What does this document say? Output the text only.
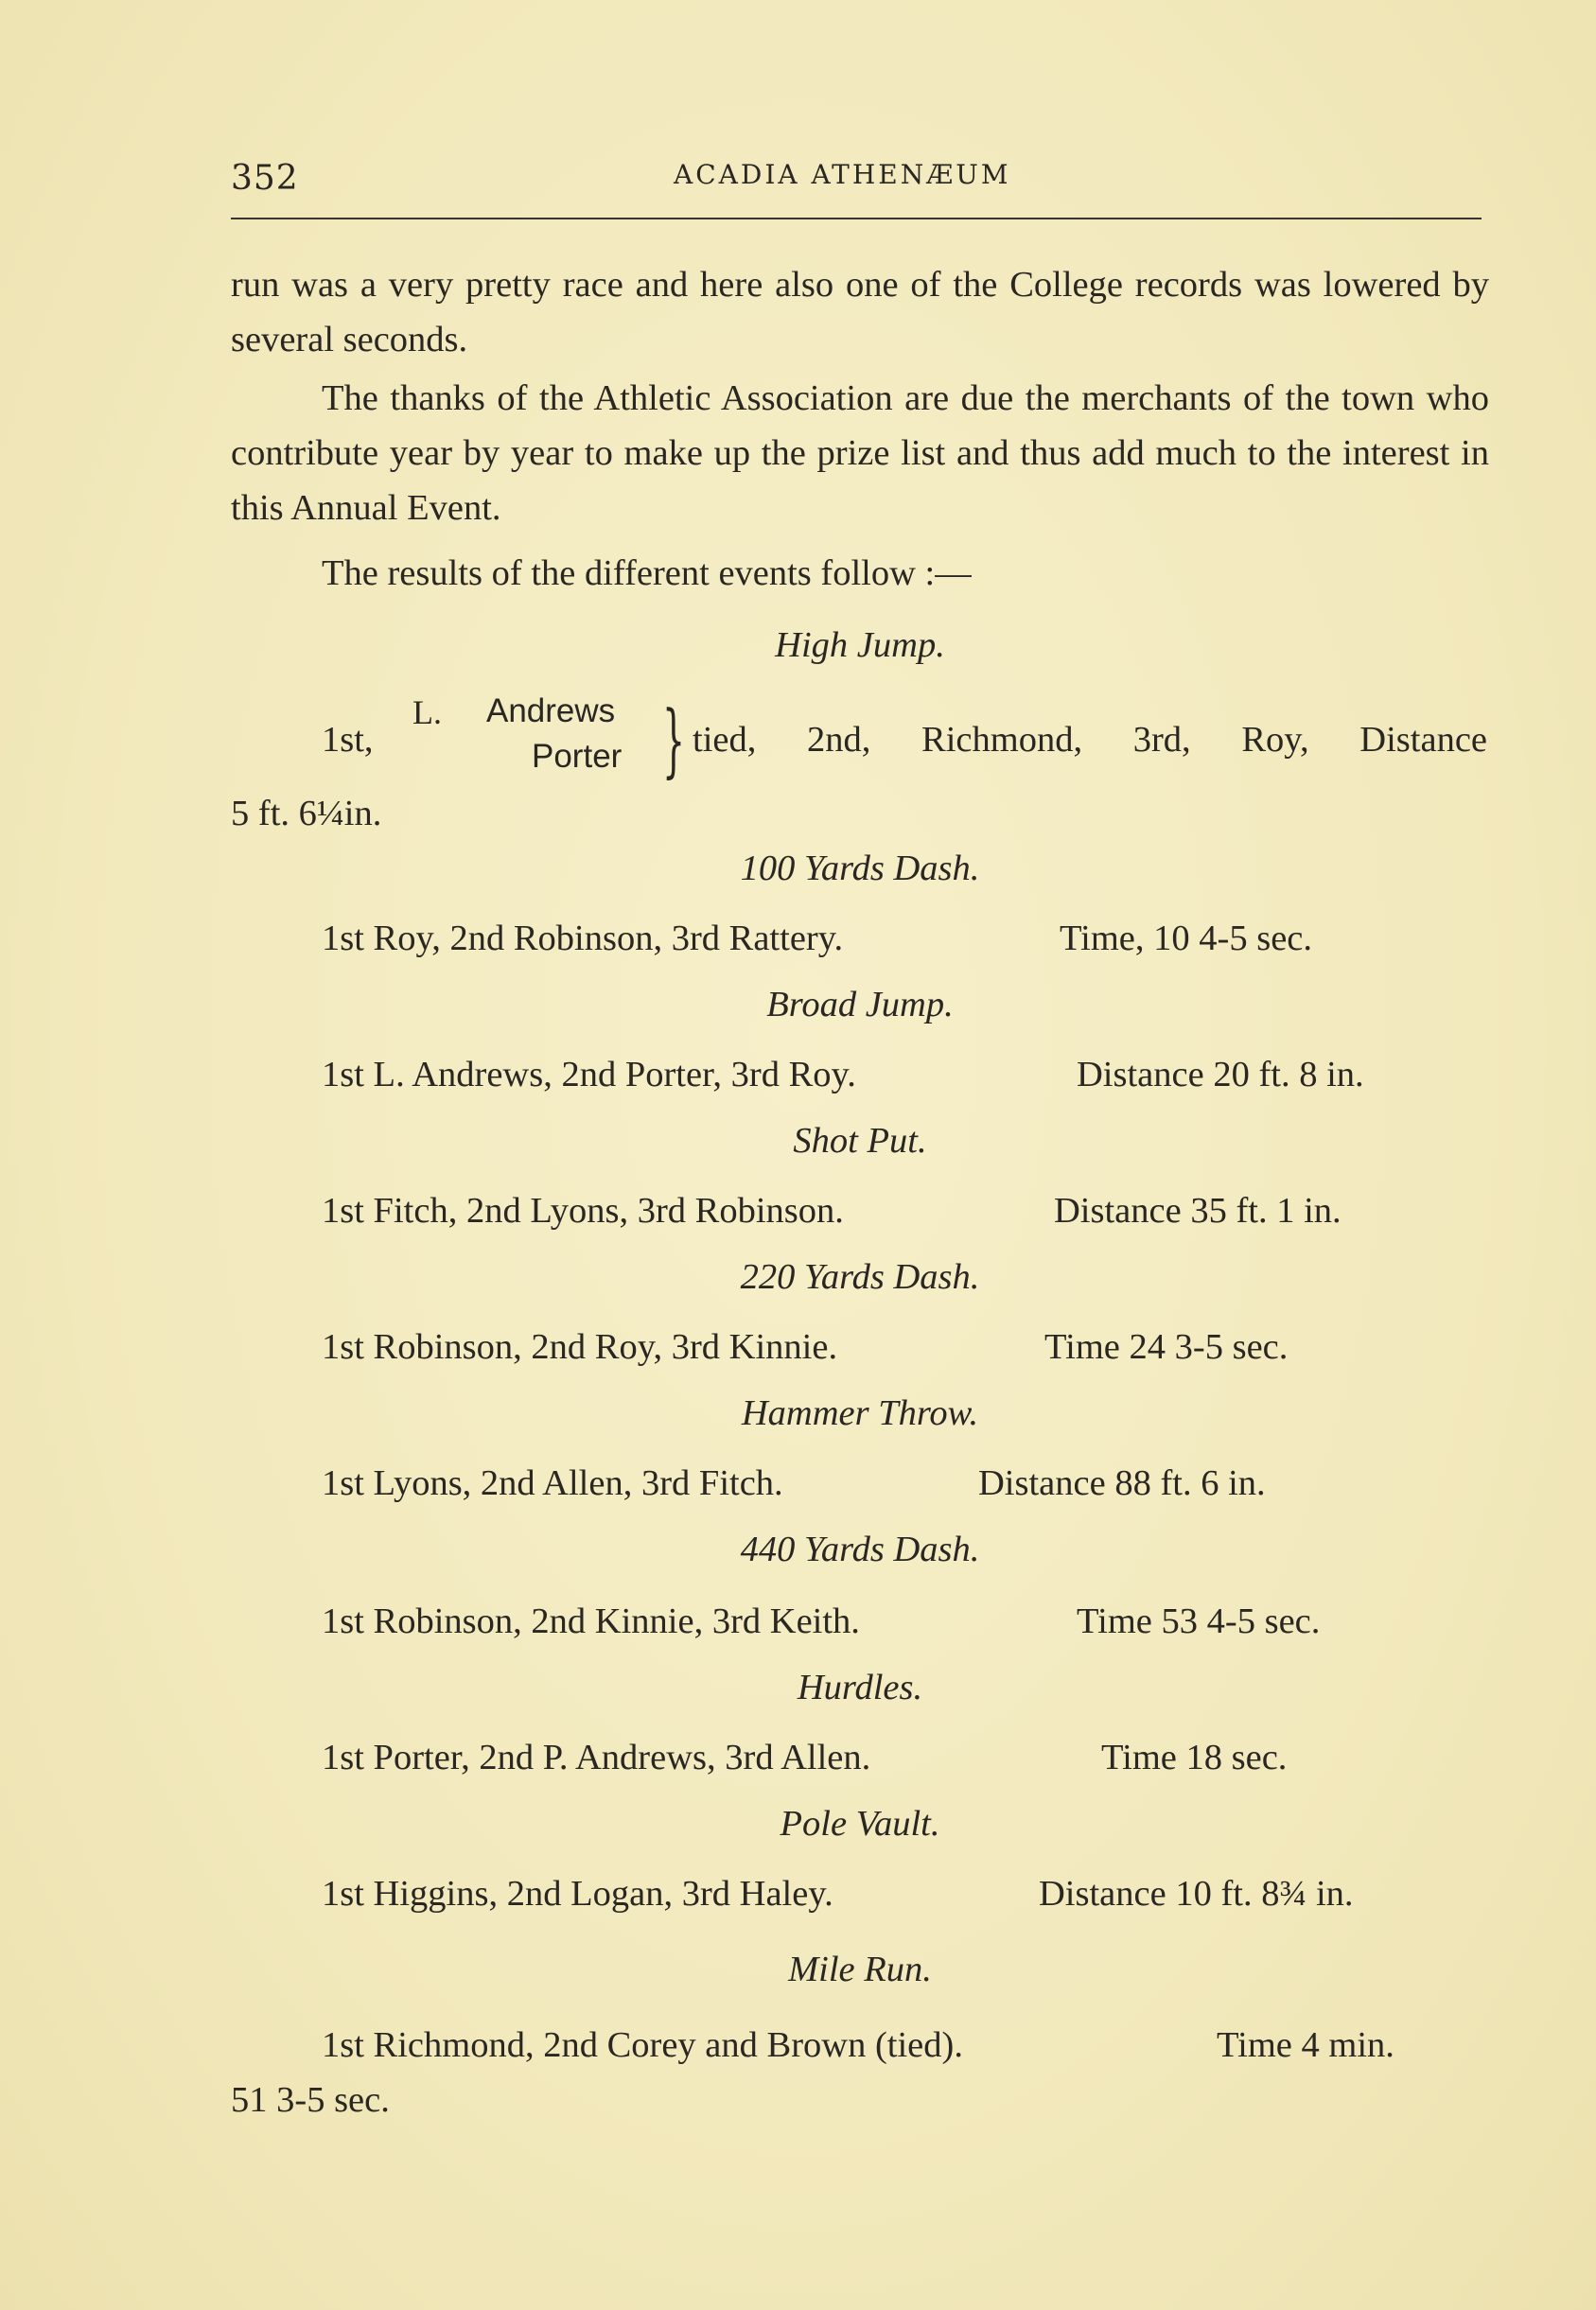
352	ACADIA ATHENÆUM

run was a very pretty race and here also one of the College records was lowered by several seconds.

The thanks of the Athletic Association are due the merchants of the town who contribute year by year to make up the prize list and thus add much to the interest in this Annual Event.

The results of the different events follow :—
High Jump.
1st,
L. Andrews
Porter } tied, 2nd, Richmond, 3rd, Roy, Distance
5 ft. 6¼in.
100 Yards Dash.
1st Roy, 2nd Robinson, 3rd Rattery.	Time, 10 4-5 sec.
Broad Jump.
1st L. Andrews, 2nd Porter, 3rd Roy.	Distance 20 ft. 8 in.
Shot Put.
1st Fitch, 2nd Lyons, 3rd Robinson.	Distance 35 ft. 1 in.
220 Yards Dash.
1st Robinson, 2nd Roy, 3rd Kinnie.	Time 24 3-5 sec.
Hammer Throw.
1st Lyons, 2nd Allen, 3rd Fitch.	Distance 88 ft. 6 in.
440 Yards Dash.
1st Robinson, 2nd Kinnie, 3rd Keith.	Time 53 4-5 sec.
Hurdles.
1st Porter, 2nd P. Andrews, 3rd Allen.	Time 18 sec.
Pole Vault.
1st Higgins, 2nd Logan, 3rd Haley.	Distance 10 ft. 8¾ in.
Mile Run.
1st Richmond, 2nd Corey and Brown (tied).	Time 4 min.
51 3-5 sec.
